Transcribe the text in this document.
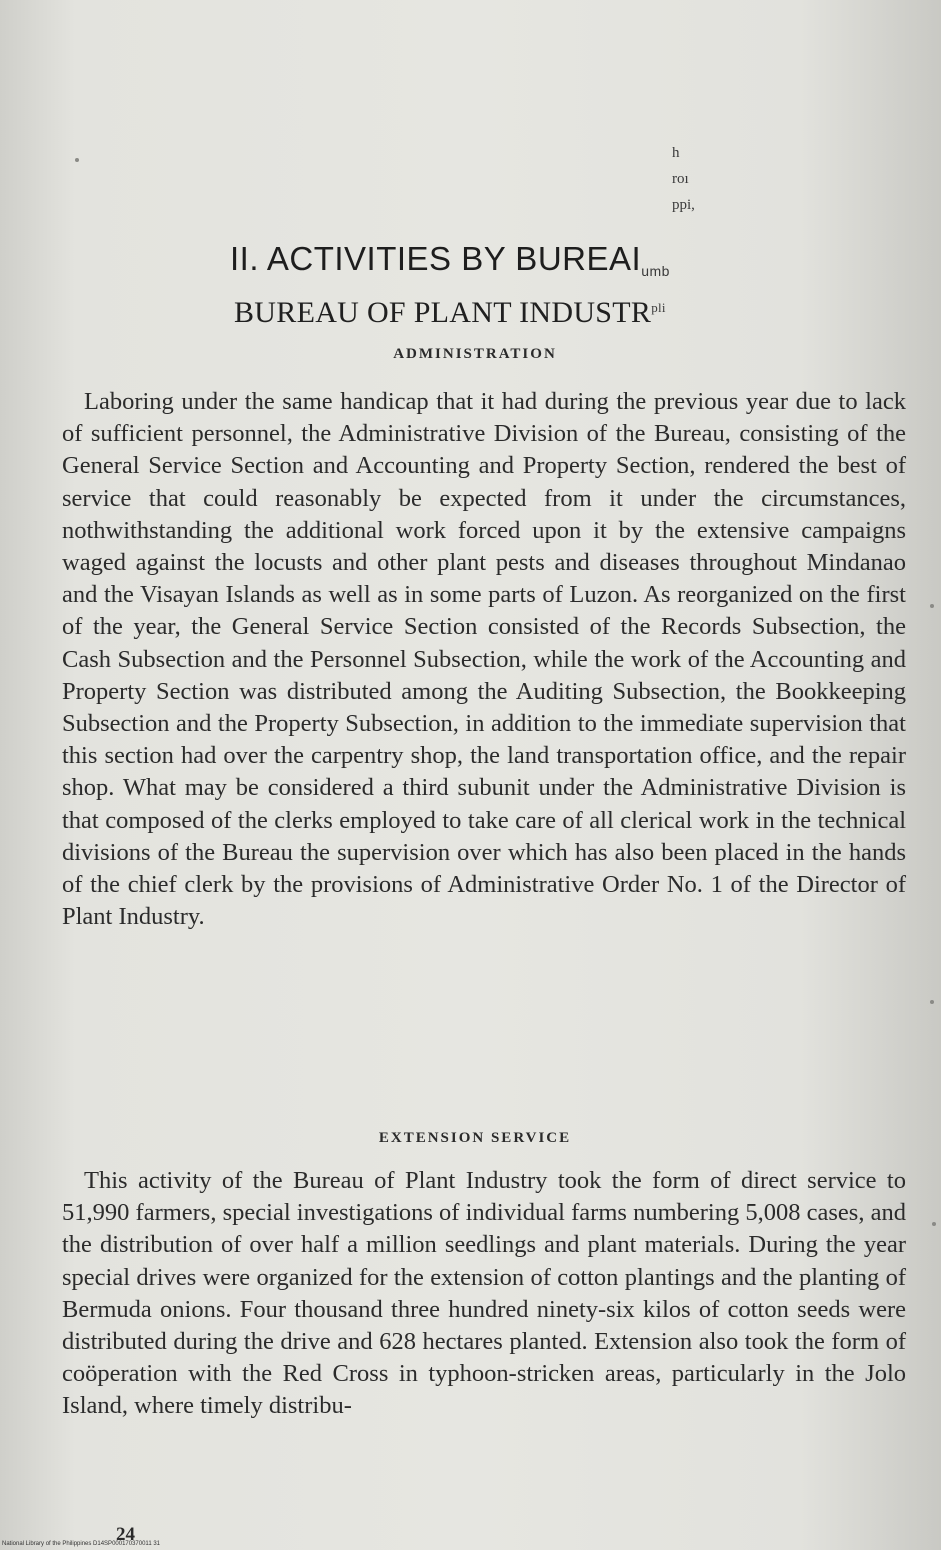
h
roı
ppi,
II. ACTIVITIES BY BUREAIumb
BUREAU OF PLANT $INDUSTR^{pli}$
ADMINISTRATION

Laboring under the same handicap that it had during the previous year due to lack of sufficient personnel, the Administrative Division of the Bureau, consisting of the General Service Section and Accounting and Property Section, rendered the best of service that could reasonably be expected from it under the circumstances, nothwithstanding the additional work forced upon it by the extensive campaigns waged against the locusts and other plant pests and diseases throughout Mindanao and the Visayan Islands as well as in some parts of Luzon. As reorganized on the first of the year, the General Service Section consisted of the Records Subsection, the Cash Subsection and the Personnel Subsection, while the work of the Accounting and Property Section was distributed among the Auditing Subsection, the Bookkeeping Subsection and the Property Subsection, in addition to the immediate supervision that this section had over the carpentry shop, the land transportation office, and the repair shop. What may be considered a third subunit under the Administrative Division is that composed of the clerks employed to take care of all clerical work in the technical divisions of the Bureau the supervision over which has also been placed in the hands of the chief clerk by the provisions of Administrative Order No. 1 of the Director of Plant Industry.

EXTENSION SERVICE

This activity of the Bureau of Plant Industry took the form of direct service to 51,990 farmers, special investigations of individual farms numbering 5,008 cases, and the distribution of over half a million seedlings and plant materials. During the year special drives were organized for the extension of cotton plantings and the planting of Bermuda onions. Four thousand three hundred ninety-six kilos of cotton seeds were distributed during the drive and 628 hectares planted. Extension also took the form of coöperation with the Red Cross in typhoon-stricken areas, particularly in the Jolo Island, where timely distribu-

24
National Library of the Philippines D14SP000170370011 31
